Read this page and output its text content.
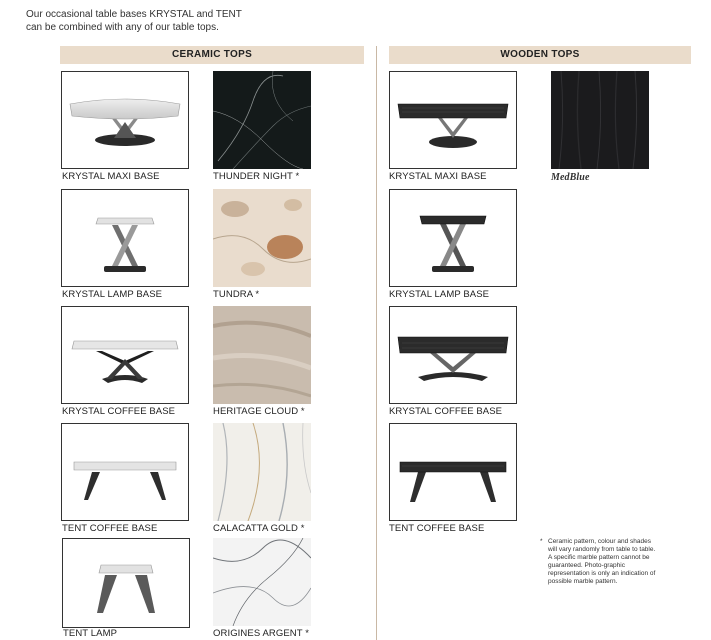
Our occasional table bases KRYSTAL and TENT
can be combined with any of our table tops.
CERAMIC TOPS	WOODEN TOPS
KRYSTAL MAXI BASE
KRYSTAL LAMP BASE
KRYSTAL COFFEE BASE
TENT COFFEE BASE
TENT LAMP
THUNDER NIGHT *
TUNDRA *
HERITAGE CLOUD *
CALACATTA GOLD *
ORIGINES ARGENT *
KRYSTAL MAXI BASE
KRYSTAL LAMP BASE
KRYSTAL COFFEE BASE
TENT COFFEE BASE
MedBlue
* Ceramic pattern, colour and shades will vary randomly from table to table. A specific marble pattern cannot be guaranteed. Photo-graphic representation is only an indication of possible marble pattern.
